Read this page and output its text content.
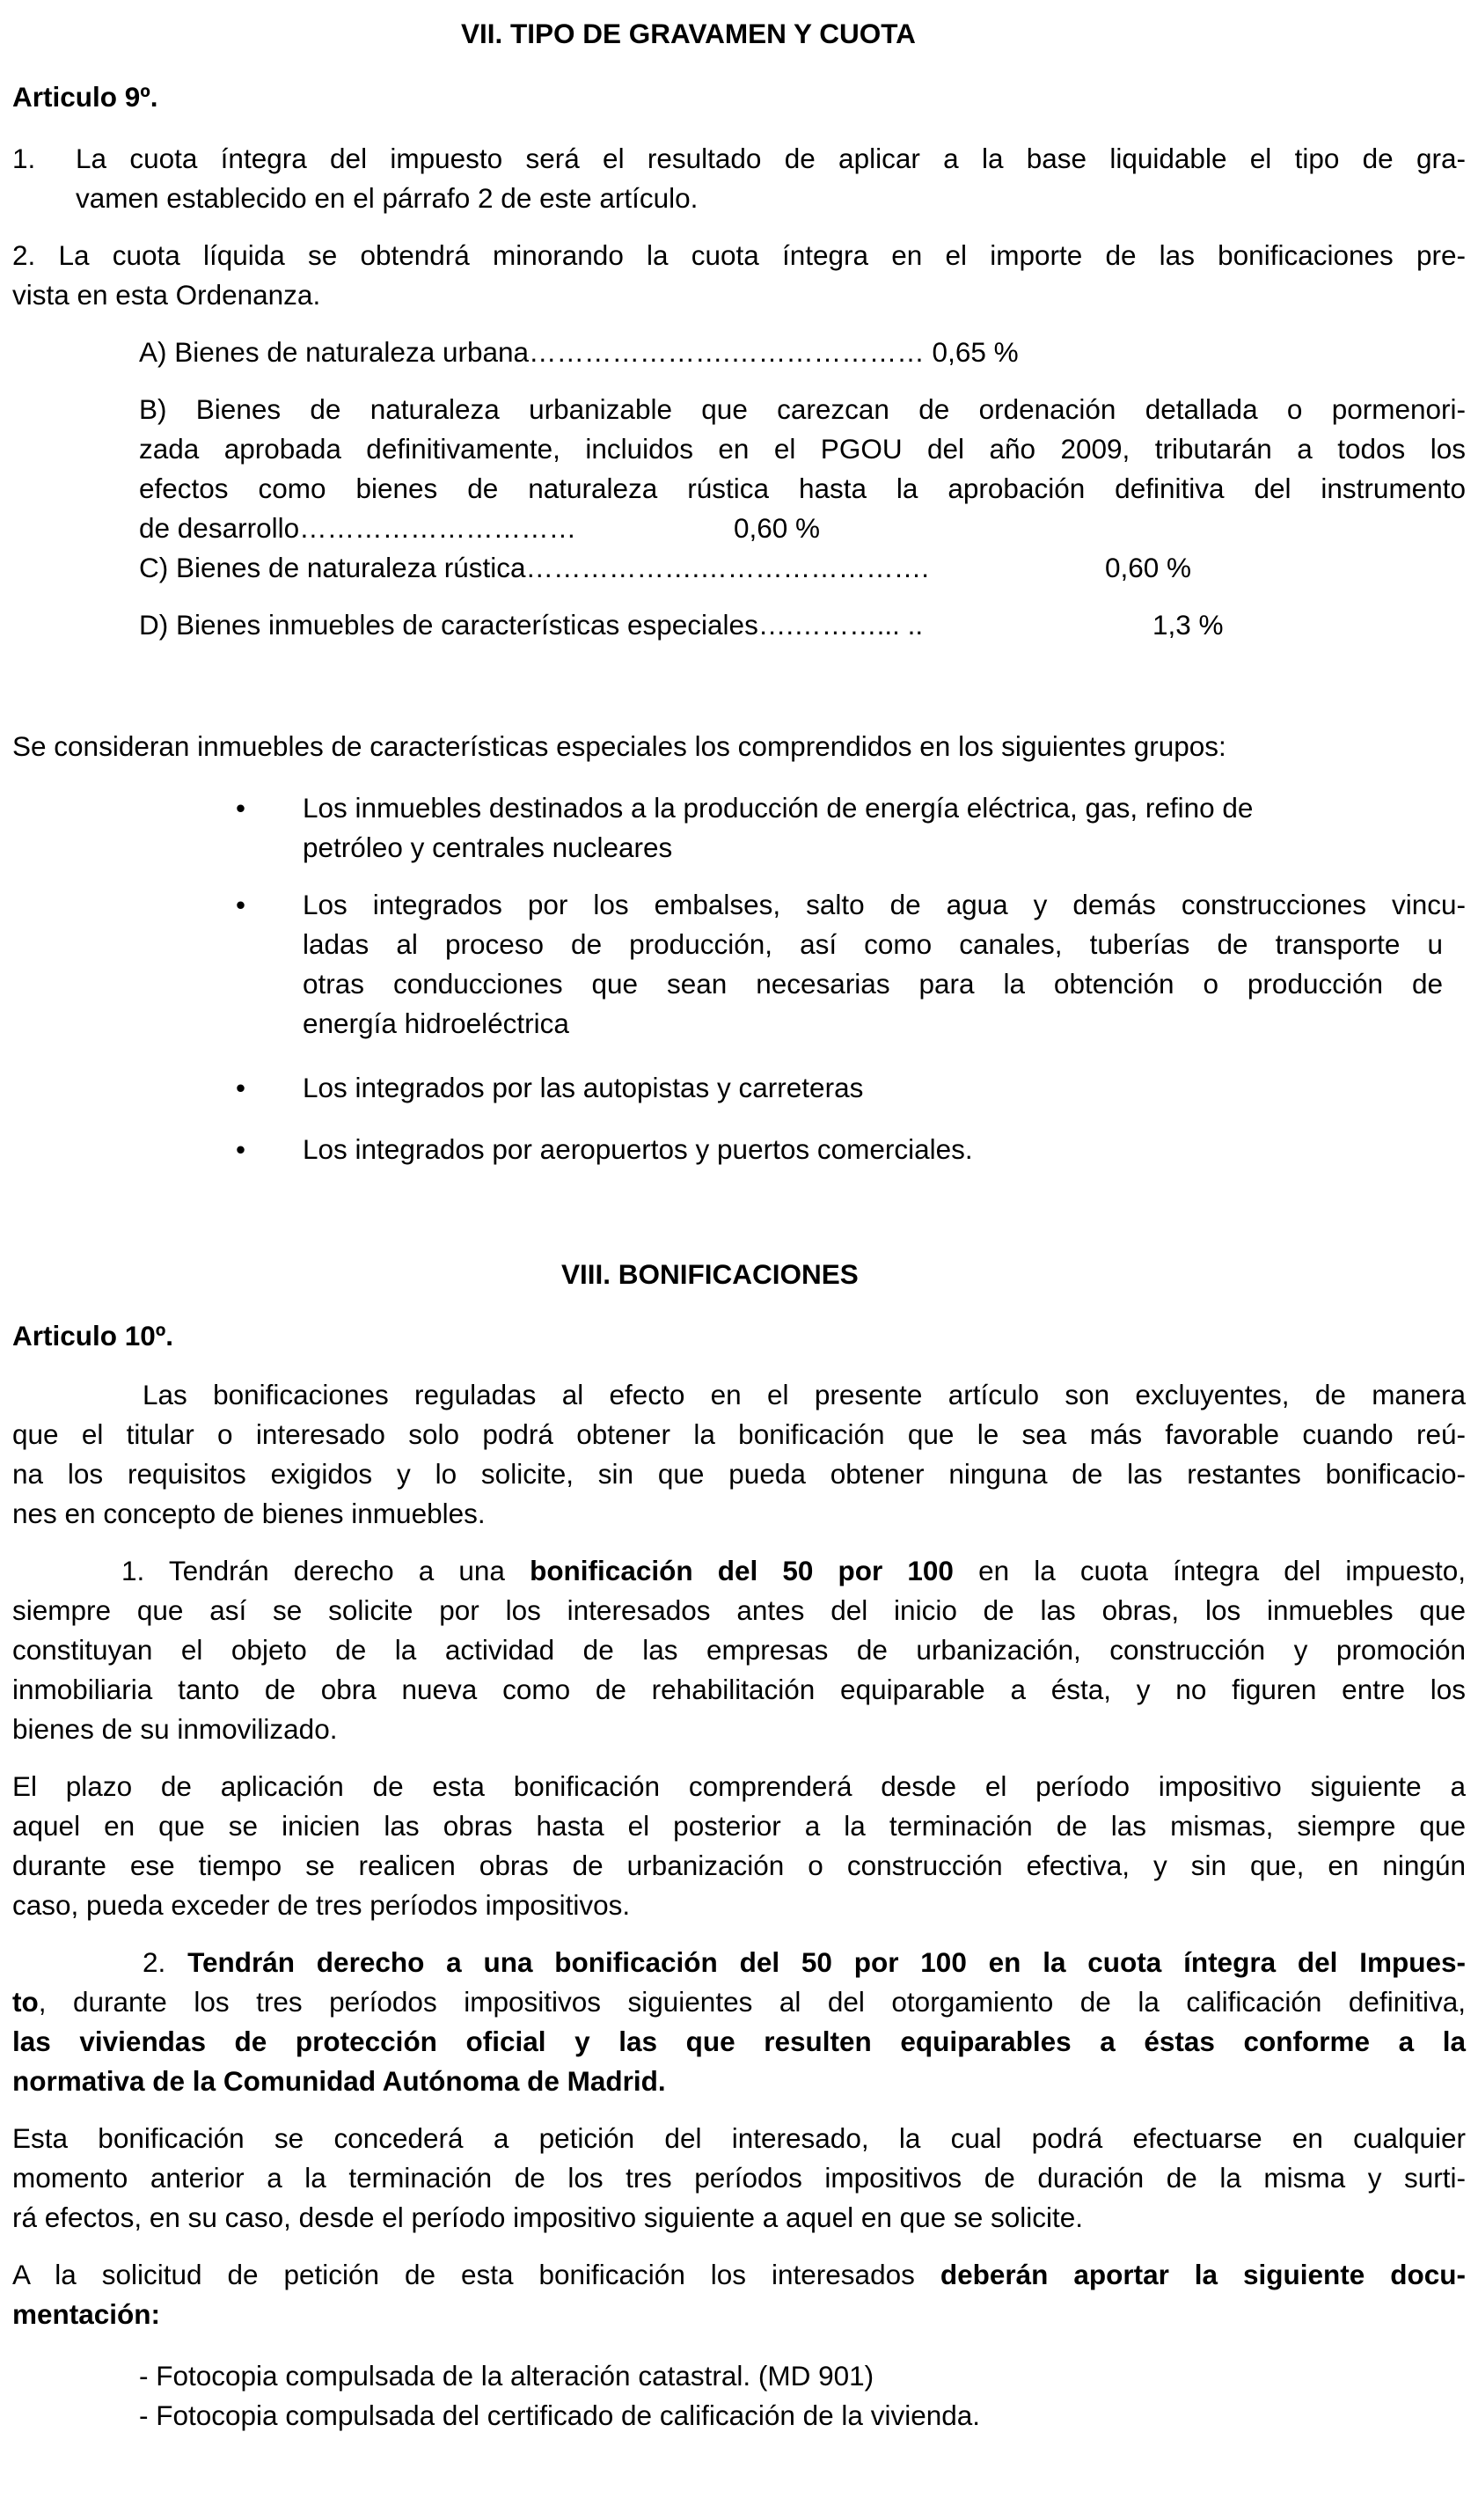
VII. TIPO DE GRAVAMEN Y CUOTA
Articulo 9º.
1. La cuota íntegra del impuesto será el resultado de aplicar a la base liquidable el tipo de gra-
vamen establecido en el párrafo 2 de este artículo.
2. La cuota líquida se obtendrá minorando la cuota íntegra en el importe de las bonificaciones pre-
vista en esta Ordenanza.
A) Bienes de naturaleza urbana………………….………………… 0,65 %
B) Bienes de naturaleza urbanizable que carezcan de ordenación detallada o pormenori-
zada aprobada definitivamente, incluidos en el PGOU del año 2009, tributarán a todos los
efectos como bienes de naturaleza rústica hasta la aprobación definitiva del instrumento
de desarrollo…………………………	0,60 %
C) Bienes de naturaleza rústica……………….…………………….	0,60 %
D) Bienes inmuebles de características especiales….………... ..	1,3 %
Se consideran inmuebles de características especiales los comprendidos en los siguientes grupos:
• Los inmuebles destinados a la producción de energía eléctrica, gas, refino de
petróleo y centrales nucleares
• Los integrados por los embalses, salto de agua y demás construcciones vincu-
ladas al proceso de producción, así como canales, tuberías de transporte u
otras conducciones que sean necesarias para la obtención o producción de
energía hidroeléctrica
• Los integrados por las autopistas y carreteras
• Los integrados por aeropuertos y puertos comerciales.
VIII. BONIFICACIONES
Articulo 10º.
Las bonificaciones reguladas al efecto en el presente artículo son excluyentes, de manera
que el titular o interesado solo podrá obtener la bonificación que le sea más favorable cuando reú-
na los requisitos exigidos y lo solicite, sin que pueda obtener ninguna de las restantes bonificacio-
nes en concepto de bienes inmuebles.
1. Tendrán derecho a una bonificación del 50 por 100 en la cuota íntegra del impuesto,
siempre que así se solicite por los interesados antes del inicio de las obras, los inmuebles que
constituyan el objeto de la actividad de las empresas de urbanización, construcción y promoción
inmobiliaria tanto de obra nueva como de rehabilitación equiparable a ésta, y no figuren entre los
bienes de su inmovilizado.
El plazo de aplicación de esta bonificación comprenderá desde el período impositivo siguiente a
aquel en que se inicien las obras hasta el posterior a la terminación de las mismas, siempre que
durante ese tiempo se realicen obras de urbanización o construcción efectiva, y sin que, en ningún
caso, pueda exceder de tres períodos impositivos.
2. Tendrán derecho a una bonificación del 50 por 100 en la cuota íntegra del Impues-
to, durante los tres períodos impositivos siguientes al del otorgamiento de la calificación definitiva,
las viviendas de protección oficial y las que resulten equiparables a éstas conforme a la
normativa de la Comunidad Autónoma de Madrid.
Esta bonificación se concederá a petición del interesado, la cual podrá efectuarse en cualquier
momento anterior a la terminación de los tres períodos impositivos de duración de la misma y surti-
rá efectos, en su caso, desde el período impositivo siguiente a aquel en que se solicite.
A la solicitud de petición de esta bonificación los interesados deberán aportar la siguiente docu-
mentación:
- Fotocopia compulsada de la alteración catastral. (MD 901)
- Fotocopia compulsada del certificado de calificación de la vivienda.
